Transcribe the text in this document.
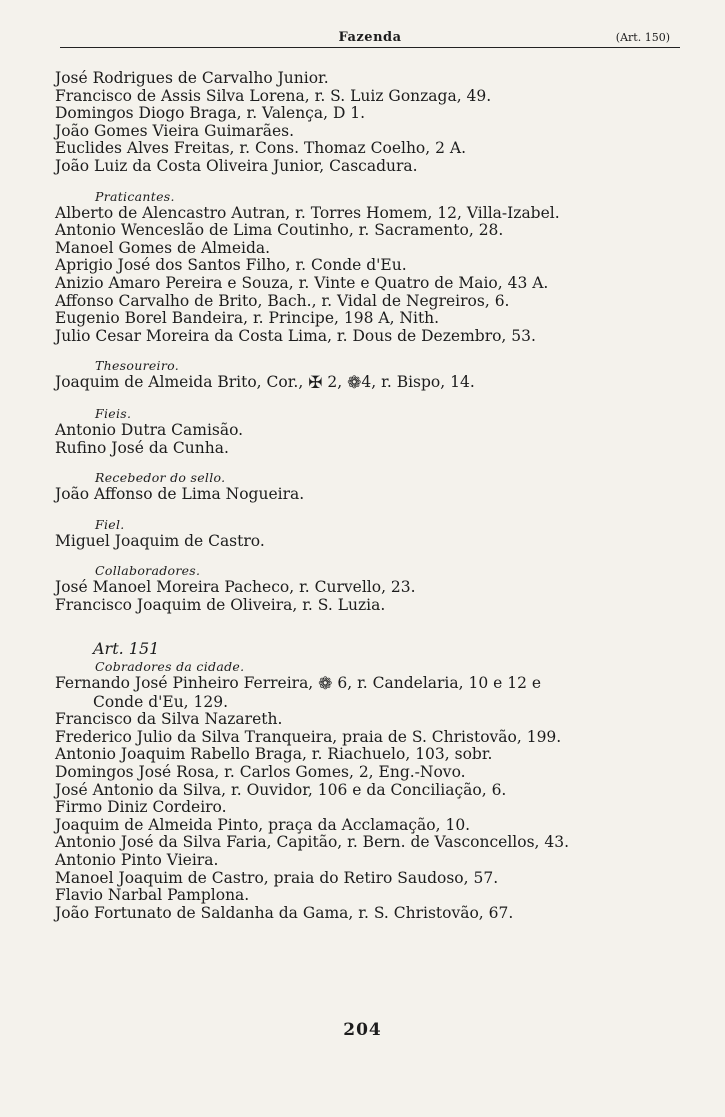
Fazenda	(Art. 150)
José Rodrigues de Carvalho Junior.
Francisco de Assis Silva Lorena, r. S. Luiz Gonzaga, 49.
Domingos Diogo Braga, r. Valença, D 1.
João Gomes Vieira Guimarães.
Euclides Alves Freitas, r. Cons. Thomaz Coelho, 2 A.
João Luiz da Costa Oliveira Junior, Cascadura.
Praticantes.
Alberto de Alencastro Autran, r. Torres Homem, 12, Villa-Izabel.
Antonio Wenceslão de Lima Coutinho, r. Sacramento, 28.
Manoel Gomes de Almeida.
Aprigio José dos Santos Filho, r. Conde d'Eu.
Anizio Amaro Pereira e Souza, r. Vinte e Quatro de Maio, 43 A.
Affonso Carvalho de Brito, Bach., r. Vidal de Negreiros, 6.
Eugenio Borel Bandeira, r. Principe, 198 A, Nith.
Julio Cesar Moreira da Costa Lima, r. Dous de Dezembro, 53.
Thesoureiro.
Joaquim de Almeida Brito, Cor., ✠ 2, ❁4, r. Bispo, 14.
Fieis.
Antonio Dutra Camisão.
Rufino José da Cunha.
Recebedor do sello.
João Affonso de Lima Nogueira.
Fiel.
Miguel Joaquim de Castro.
Collaboradores.
José Manoel Moreira Pacheco, r. Curvello, 23.
Francisco Joaquim de Oliveira, r. S. Luzia.
Art. 151
Cobradores da cidade.
Fernando José Pinheiro Ferreira, ❁ 6, r. Candelaria, 10 e 12 e
Conde d'Eu, 129.
Francisco da Silva Nazareth.
Frederico Julio da Silva Tranqueira, praia de S. Christovão, 199.
Antonio Joaquim Rabello Braga, r. Riachuelo, 103, sobr.
Domingos José Rosa, r. Carlos Gomes, 2, Eng.-Novo.
José Antonio da Silva, r. Ouvidor, 106 e da Conciliação, 6.
Firmo Diniz Cordeiro.
Joaquim de Almeida Pinto, praça da Acclamação, 10.
Antonio José da Silva Faria, Capitão, r. Bern. de Vasconcellos, 43.
Antonio Pinto Vieira.
Manoel Joaquim de Castro, praia do Retiro Saudoso, 57.
Flavio Narbal Pamplona.
João Fortunato de Saldanha da Gama, r. S. Christovão, 67.
204
